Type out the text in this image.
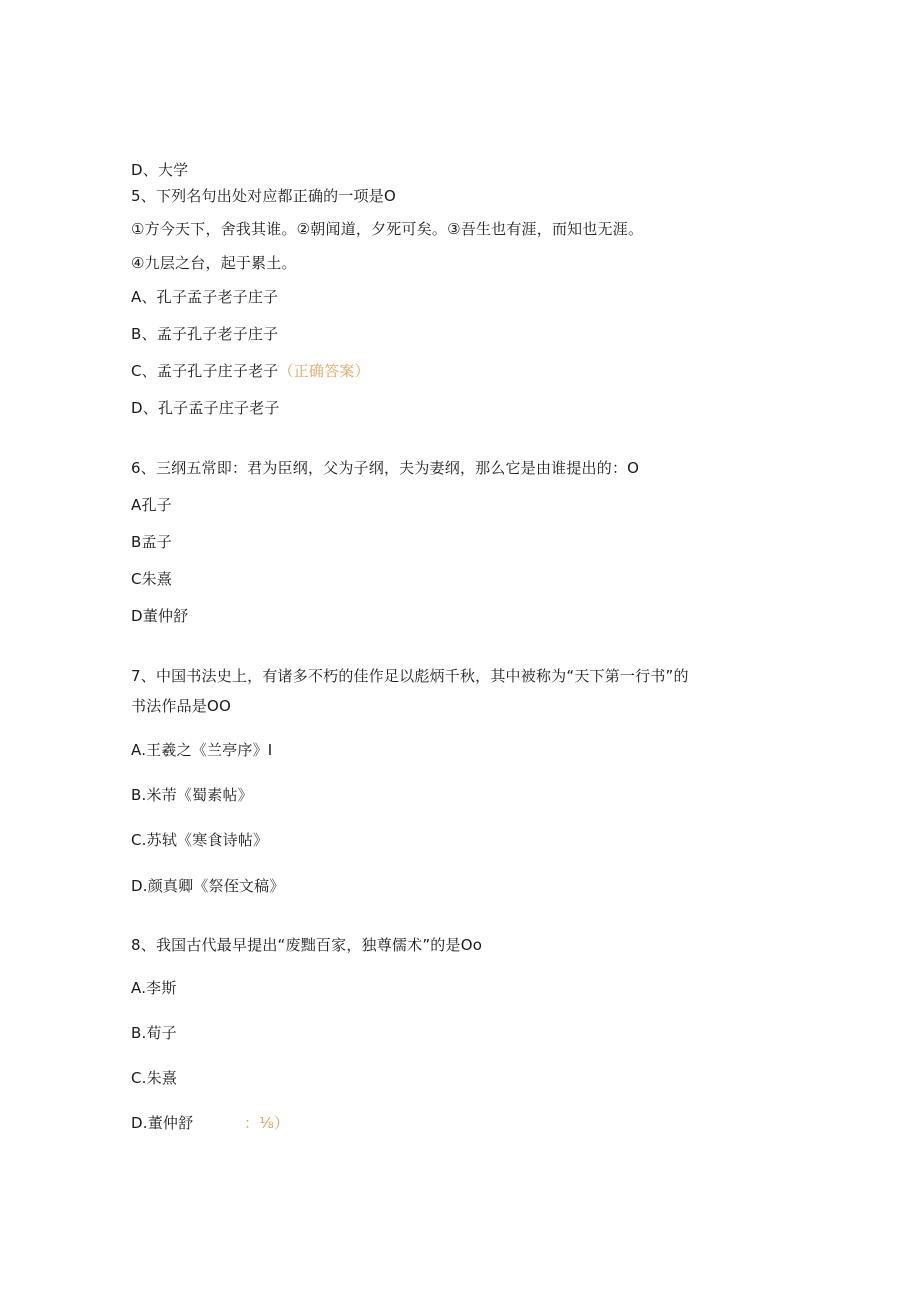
D、大学
5、下列名句出处对应都正确的一项是O
①方今天下，舍我其谁。②朝闻道，夕死可矣。③吾生也有涯，而知也无涯。
④九层之台，起于累土。
A、孔子孟子老子庄子
B、孟子孔子老子庄子
C、孟子孔子庄子老子（正确答案）
D、孔子孟子庄子老子
6、三纲五常即：君为臣纲，父为子纲，夫为妻纲，那么它是由谁提出的：O
A孔子
B孟子
C朱熹
D董仲舒
7、中国书法史上，有诸多不朽的佳作足以彪炳千秋，其中被称为“天下第一行书”的
书法作品是OO
A.王羲之《兰亭序》I
B.米芾《蜀素帖》
C.苏轼《寒食诗帖》
D.颜真卿《祭侄文稿》
8、我国古代最早提出“废黜百家，独尊儒术”的是Oo
A.李斯
B.荀子
C.朱熹
D.董仲舒	：⅛）
